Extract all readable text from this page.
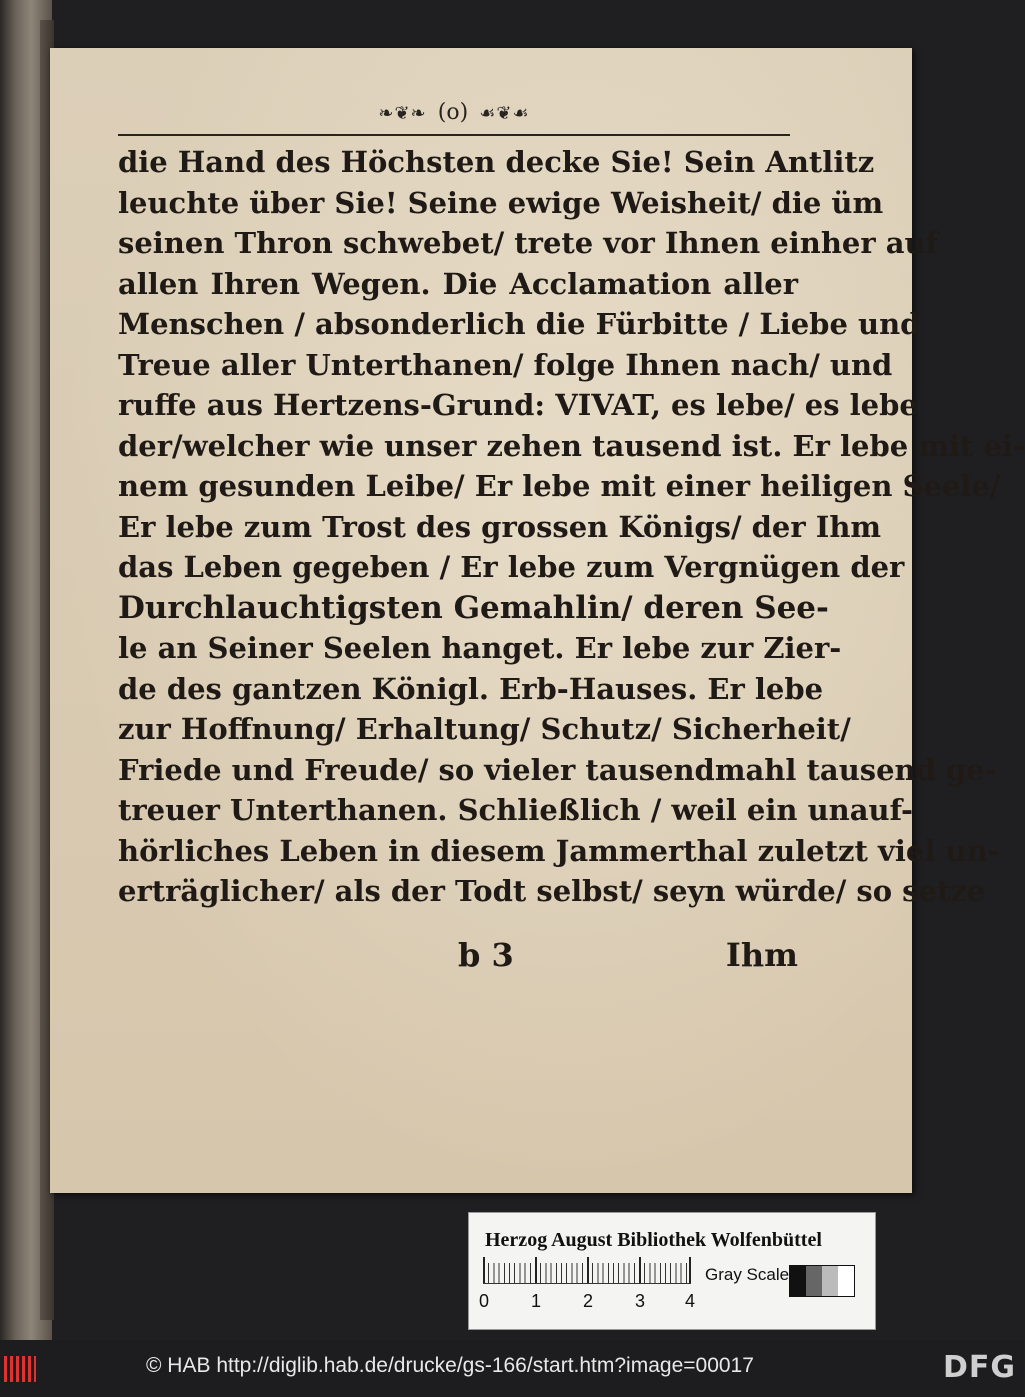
❧❦❧ (o) ☙❦☙
die Hand des Höchsten decke Sie! Sein Antlitz
leuchte über Sie! Seine ewige Weisheit/ die üm
seinen Thron schwebet/ trete vor Ihnen einher auf
allen Ihren Wegen. Die Acclamation aller
Menschen / absonderlich die Fürbitte / Liebe und
Treue aller Unterthanen/ folge Ihnen nach/ und
ruffe aus Hertzens-Grund: VIVAT, es lebe/ es lebe
der/welcher wie unser zehen tausend ist. Er lebe mit ei-
nem gesunden Leibe/ Er lebe mit einer heiligen Seele/
Er lebe zum Trost des grossen Königs/ der Ihm
das Leben gegeben / Er lebe zum Vergnügen der
Durchlauchtigsten Gemahlin/ deren See-
le an Seiner Seelen hanget. Er lebe zur Zier-
de des gantzen Königl. Erb-Hauses. Er lebe
zur Hoffnung/ Erhaltung/ Schutz/ Sicherheit/
Friede und Freude/ so vieler tausendmahl tausend ge-
treuer Unterthanen. Schließlich / weil ein unauf-
hörliches Leben in diesem Jammerthal zuletzt viel un-
erträglicher/ als der Todt selbst/ seyn würde/ so setze
b 3	Ihm
Herzog August Bibliothek Wolfenbüttel
0 1 2 3 4
Gray Scale
© HAB http://diglib.hab.de/drucke/gs-166/start.htm?image=00017	DFG
